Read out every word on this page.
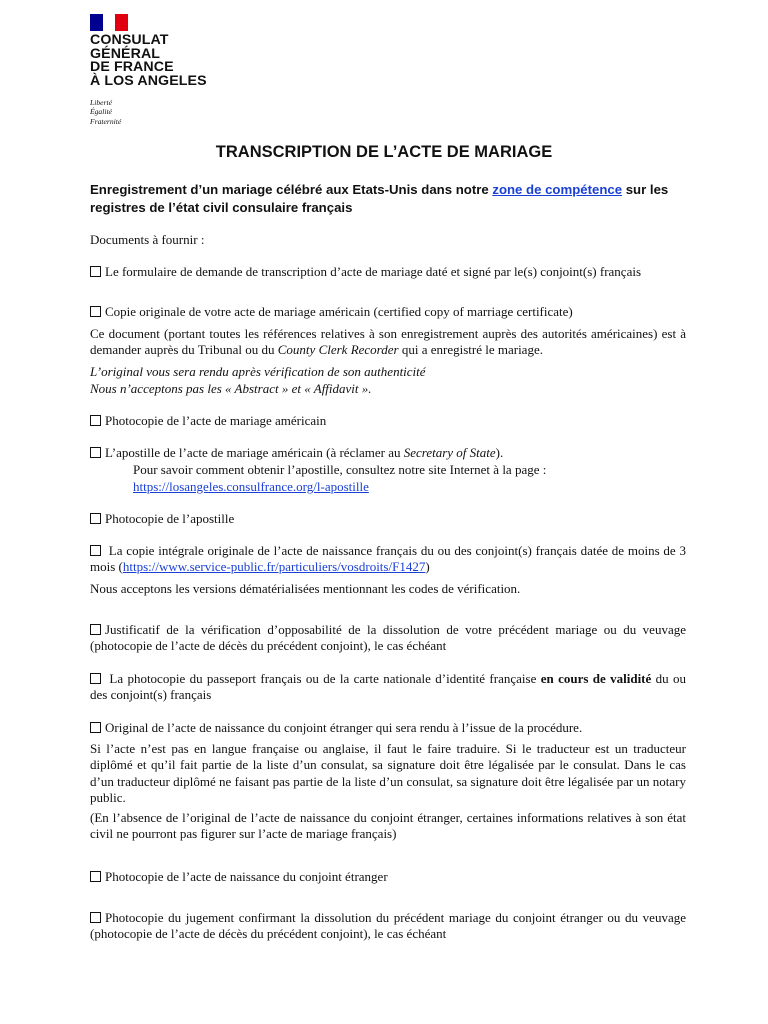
CONSULAT
GÉNÉRAL
DE FRANCE
À LOS ANGELES
Liberté
Égalité
Fraternité
TRANSCRIPTION DE L’ACTE DE MARIAGE
Enregistrement d’un mariage célébré aux Etats-Unis dans notre zone de compétence sur les registres de l’état civil consulaire français
Documents à fournir :
Le formulaire de demande de transcription d’acte de mariage daté et signé par le(s) conjoint(s) français
Copie originale de votre acte de mariage américain (certified copy of marriage certificate)
Ce document (portant toutes les références relatives à son enregistrement auprès des autorités américaines) est à demander auprès du Tribunal ou du County Clerk Recorder qui a enregistré le mariage.
L’original vous sera rendu après vérification de son authenticité
Nous n’acceptons pas les « Abstract » et « Affidavit ».
Photocopie de l’acte de mariage américain
L’apostille de l’acte de mariage américain (à réclamer au Secretary of State).
Pour savoir comment obtenir l’apostille, consultez notre site Internet à la page :
https://losangeles.consulfrance.org/l-apostille
Photocopie de l’apostille
La copie intégrale originale de l’acte de naissance français du ou des conjoint(s) français datée de moins de 3 mois (https://www.service-public.fr/particuliers/vosdroits/F1427)
Nous acceptons les versions dématérialisées mentionnant les codes de vérification.
Justificatif de la vérification d’opposabilité de la dissolution de votre précédent mariage ou du veuvage (photocopie de l’acte de décès du précédent conjoint), le cas échéant
La photocopie du passeport français ou de la carte nationale d’identité française en cours de validité du ou des conjoint(s) français
Original de l’acte de naissance du conjoint étranger qui sera rendu à l’issue de la procédure.
Si l’acte n’est pas en langue française ou anglaise, il faut le faire traduire. Si le traducteur est un traducteur diplômé et qu’il fait partie de la liste d’un consulat, sa signature doit être légalisée par le consulat. Dans le cas d’un traducteur diplômé ne faisant pas partie de la liste d’un consulat, sa signature doit être légalisée par un notary public.
(En l’absence de l’original de l’acte de naissance du conjoint étranger, certaines informations relatives à son état civil ne pourront pas figurer sur l’acte de mariage français)
Photocopie de l’acte de naissance du conjoint étranger
Photocopie du jugement confirmant la dissolution du précédent mariage du conjoint étranger ou du veuvage (photocopie de l’acte de décès du précédent conjoint), le cas échéant
